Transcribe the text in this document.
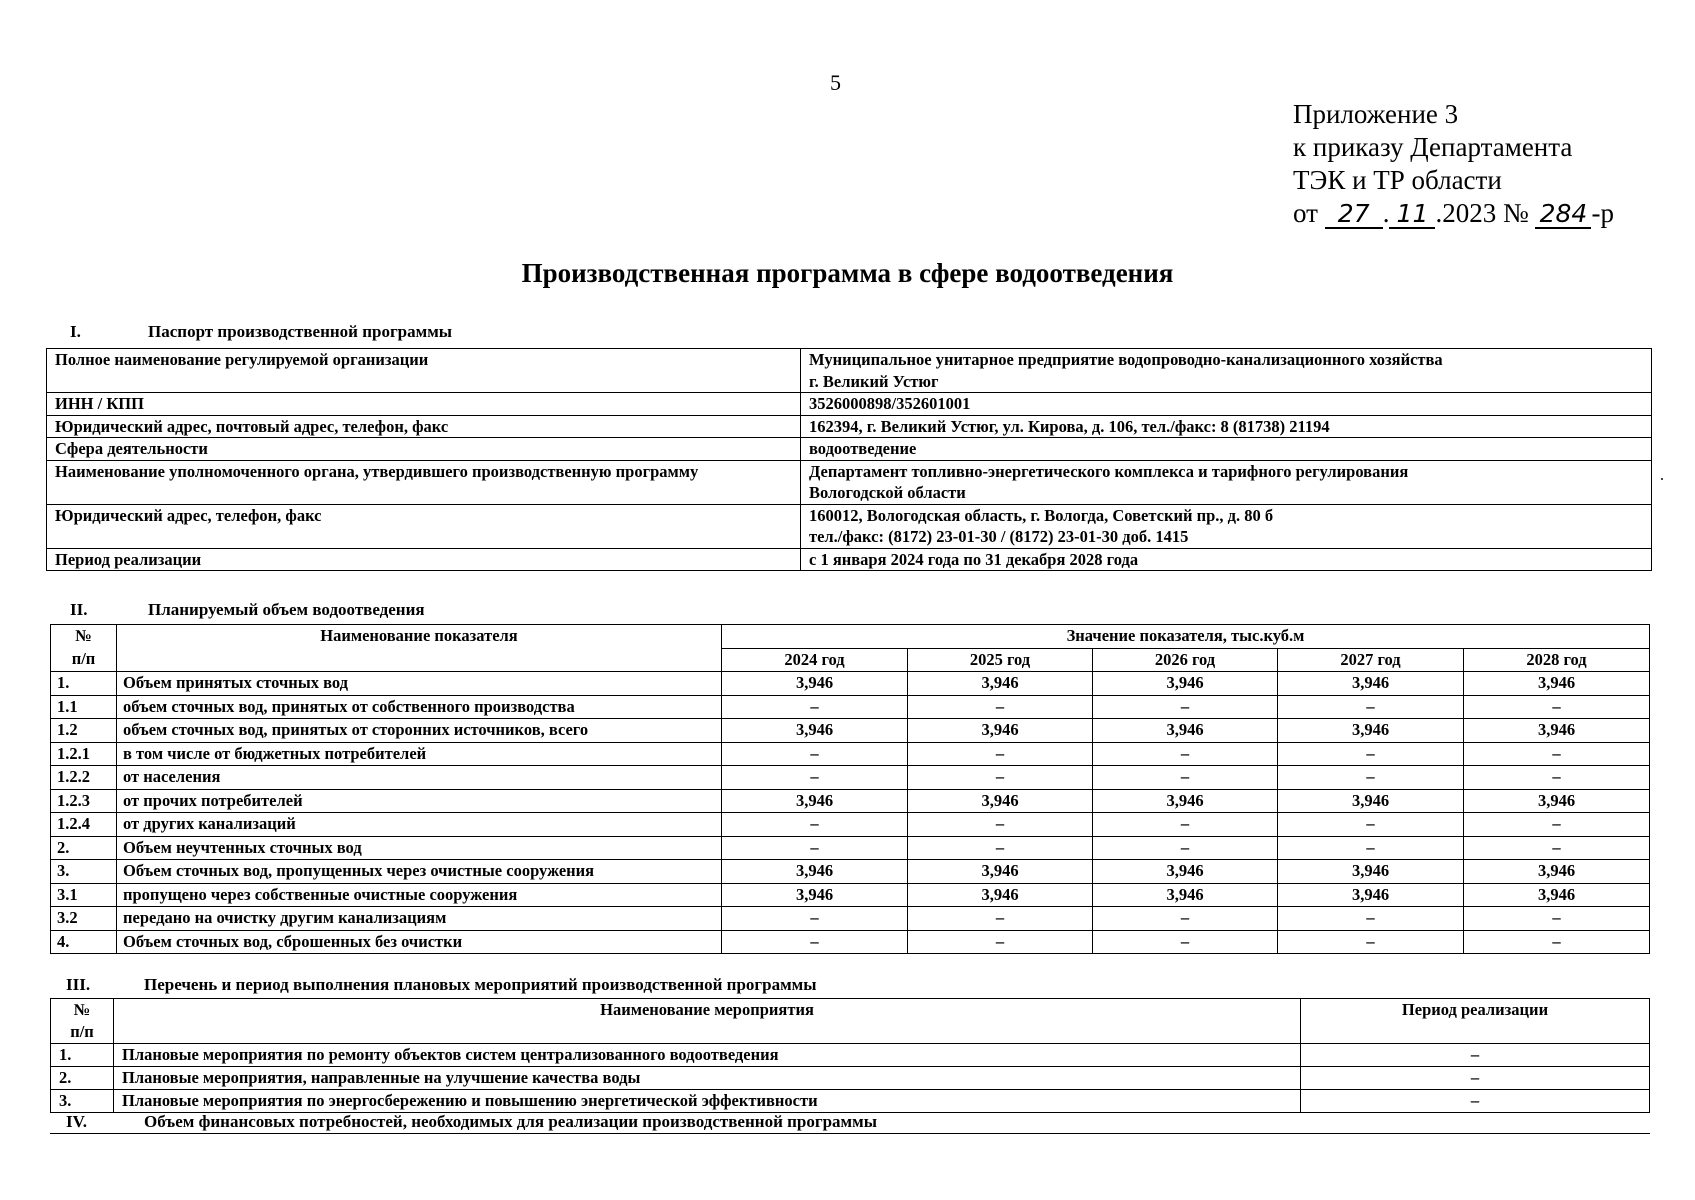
5
Приложение 3
к приказу Департамента
ТЭК и ТР области
от 27 . 11 .2023 № 284 -р
Производственная программа в сфере водоотведения
I.	Паспорт производственной программы
Полное наименование регулируемой организации	Муниципальное унитарное предприятие водопроводно-канализационного хозяйства
г. Великий Устюг

ИНН / КПП	3526000898/352601001

Юридический адрес, почтовый адрес, телефон, факс	162394, г. Великий Устюг, ул. Кирова, д. 106, тел./факс: 8 (81738) 21194

Сфера деятельности	водоотведение

Наименование уполномоченного органа, утвердившего производственную программу	Департамент топливно-энергетического комплекса и тарифного регулирования
Вологодской области

Юридический адрес, телефон, факс	160012, Вологодская область, г. Вологда, Советский пр., д. 80 б
тел./факс: (8172) 23-01-30 / (8172) 23-01-30 доб. 1415

Период реализации	с 1 января 2024 года по 31 декабря 2028 года
II.	Планируемый объем водоотведения
№
п/п	Наименование показателя	Значение показателя, тыс.куб.м				
		2024 год	2025 год	2026 год	2027 год	2028 год
1.	Объем принятых сточных вод	3,946	3,946	3,946	3,946	3,946
1.1	объем сточных вод, принятых от собственного производства	–	–	–	–	–
1.2	объем сточных вод, принятых от сторонних источников, всего	3,946	3,946	3,946	3,946	3,946
1.2.1	в том числе от бюджетных потребителей	–	–	–	–	–
1.2.2	от населения	–	–	–	–	–
1.2.3	от прочих потребителей	3,946	3,946	3,946	3,946	3,946
1.2.4	от других канализаций	–	–	–	–	–
2.	Объем неучтенных сточных вод	–	–	–	–	–
3.	Объем сточных вод, пропущенных через очистные сооружения	3,946	3,946	3,946	3,946	3,946
3.1	пропущено через собственные очистные сооружения	3,946	3,946	3,946	3,946	3,946
3.2	передано на очистку другим канализациям	–	–	–	–	–
4.	Объем сточных вод, сброшенных без очистки	–	–	–	–	–
III.	Перечень и период выполнения плановых мероприятий производственной программы
№
п/п	Наименование мероприятия	Период реализации
1.	Плановые мероприятия по ремонту объектов систем централизованного водоотведения	–
2.	Плановые мероприятия, направленные на улучшение качества воды	–
3.	Плановые мероприятия по энергосбережению и повышению энергетической эффективности	–
IV.	Объем финансовых потребностей, необходимых для реализации производственной программы
